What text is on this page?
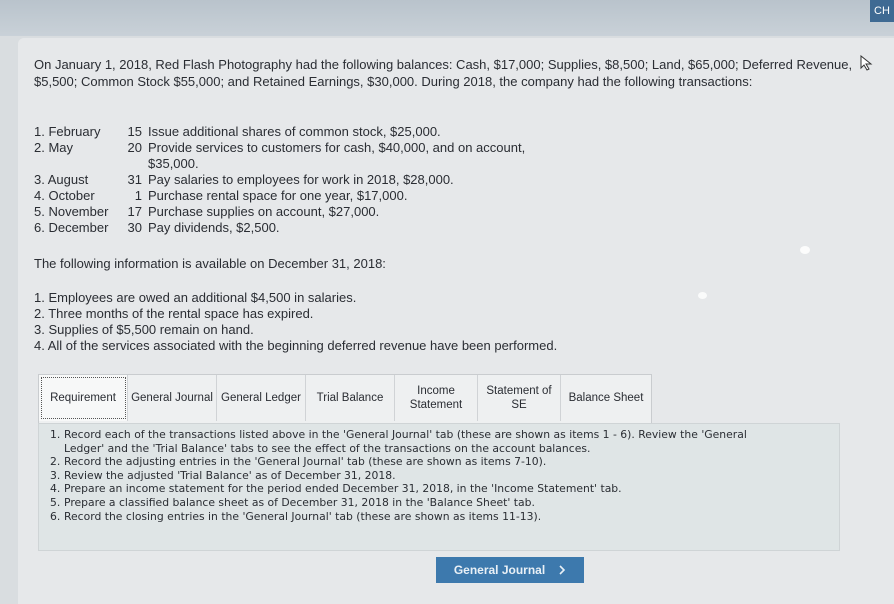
CH
On January 1, 2018, Red Flash Photography had the following balances: Cash, $17,000; Supplies, $8,500; Land, $65,000; Deferred Revenue, $5,500; Common Stock $55,000; and Retained Earnings, $30,000. During 2018, the company had the following transactions:
1. February	15 Issue additional shares of common stock, $25,000.
2. May	20 Provide services to customers for cash, $40,000, and on account,
$35,000.
3. August	31 Pay salaries to employees for work in 2018, $28,000.
4. October	1 Purchase rental space for one year, $17,000.
5. November	17 Purchase supplies on account, $27,000.
6. December	30 Pay dividends, $2,500.
The following information is available on December 31, 2018:
1. Employees are owed an additional $4,500 in salaries.
2. Three months of the rental space has expired.
3. Supplies of $5,500 remain on hand.
4. All of the services associated with the beginning deferred revenue have been performed.
Requirement	General Journal General Ledger	Trial Balance
Income Statement
Statement of SE
Balance Sheet
1. Record each of the transactions listed above in the 'General Journal' tab (these are shown as items 1 - 6). Review the 'General Ledger' and the 'Trial Balance' tabs to see the effect of the transactions on the account balances.
2. Record the adjusting entries in the 'General Journal' tab (these are shown as items 7-10).
3. Review the adjusted 'Trial Balance' as of December 31, 2018.
4. Prepare an income statement for the period ended December 31, 2018, in the 'Income Statement' tab.
5. Prepare a classified balance sheet as of December 31, 2018 in the 'Balance Sheet' tab.
6. Record the closing entries in the 'General Journal' tab (these are shown as items 11-13).
General Journal
